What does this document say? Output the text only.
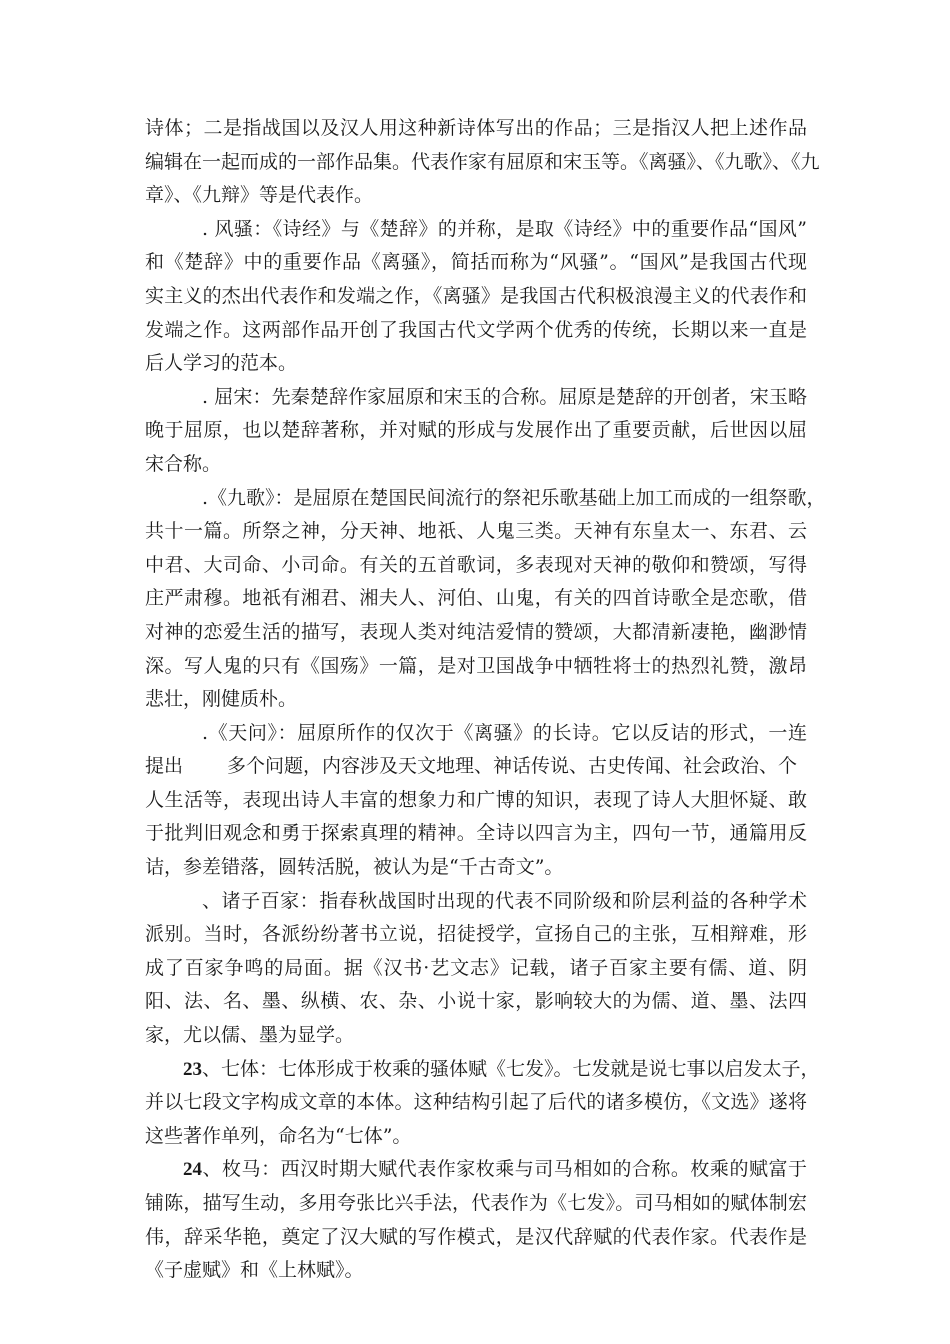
诗体；二是指战国以及汉人用这种新诗体写出的作品；三是指汉人把上述作品
编辑在一起而成的一部作品集。代表作家有屈原和宋玉等。《离骚》、《九歌》、《九
章》、《九辩》等是代表作。
. 风骚：《诗经》与《楚辞》的并称，是取《诗经》中的重要作品“国风”
和《楚辞》中的重要作品《离骚》，简括而称为“风骚”。“国风”是我国古代现
实主义的杰出代表作和发端之作，《离骚》是我国古代积极浪漫主义的代表作和
发端之作。这两部作品开创了我国古代文学两个优秀的传统，长期以来一直是
后人学习的范本。
. 屈宋：先秦楚辞作家屈原和宋玉的合称。屈原是楚辞的开创者，宋玉略
晚于屈原，也以楚辞著称，并对赋的形成与发展作出了重要贡献，后世因以屈
宋合称。
.《九歌》：是屈原在楚国民间流行的祭祀乐歌基础上加工而成的一组祭歌，
共十一篇。所祭之神，分天神、地祇、人鬼三类。天神有东皇太一、东君、云
中君、大司命、小司命。有关的五首歌词，多表现对天神的敬仰和赞颂，写得
庄严肃穆。地祇有湘君、湘夫人、河伯、山鬼，有关的四首诗歌全是恋歌，借
对神的恋爱生活的描写，表现人类对纯洁爱情的赞颂，大都清新凄艳，幽渺情
深。写人鬼的只有《国殇》一篇，是对卫国战争中牺牲将士的热烈礼赞，激昂
悲壮，刚健质朴。
.《天问》：屈原所作的仅次于《离骚》的长诗。它以反诘的形式，一连
提出　　 多个问题，内容涉及天文地理、神话传说、古史传闻、社会政治、个
人生活等，表现出诗人丰富的想象力和广博的知识，表现了诗人大胆怀疑、敢
于批判旧观念和勇于探索真理的精神。全诗以四言为主，四句一节，通篇用反
诘，参差错落，圆转活脱，被认为是“千古奇文”。
、诸子百家：指春秋战国时出现的代表不同阶级和阶层利益的各种学术
派别。当时，各派纷纷著书立说，招徒授学，宣扬自己的主张，互相辩难，形
成了百家争鸣的局面。据《汉书·艺文志》记载，诸子百家主要有儒、道、阴
阳、法、名、墨、纵横、农、杂、小说十家，影响较大的为儒、道、墨、法四
家，尤以儒、墨为显学。
23、七体：七体形成于枚乘的骚体赋《七发》。七发就是说七事以启发太子，
并以七段文字构成文章的本体。这种结构引起了后代的诸多模仿，《文选》遂将
这些著作单列，命名为“七体”。
24、枚马：西汉时期大赋代表作家枚乘与司马相如的合称。枚乘的赋富于
铺陈，描写生动，多用夸张比兴手法，代表作为《七发》。司马相如的赋体制宏
伟，辞采华艳，奠定了汉大赋的写作模式，是汉代辞赋的代表作家。代表作是
《子虚赋》和《上林赋》。
